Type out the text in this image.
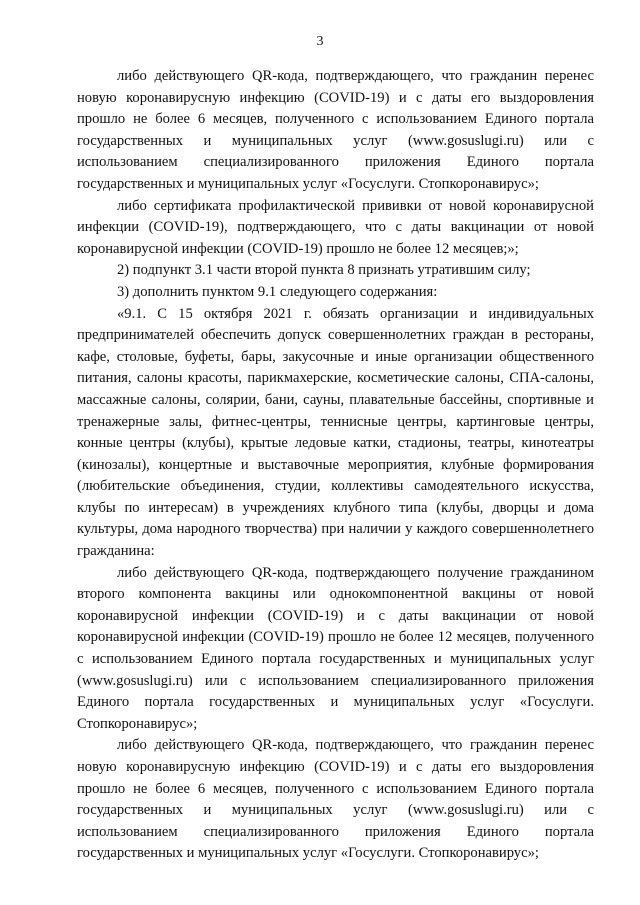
3

либо действующего QR-кода, подтверждающего, что гражданин перенес новую коронавирусную инфекцию (COVID-19) и с даты его выздоровления прошло не более 6 месяцев, полученного с использованием Единого портала государственных и муниципальных услуг (www.gosuslugi.ru) или с использованием специализированного приложения Единого портала государственных и муниципальных услуг «Госуслуги. Стопкоронавирус»;

либо сертификата профилактической прививки от новой коронавирусной инфекции (COVID-19), подтверждающего, что с даты вакцинации от новой коронавирусной инфекции (COVID-19) прошло не более 12 месяцев;»;

2) подпункт 3.1 части второй пункта 8 признать утратившим силу;

3) дополнить пунктом 9.1 следующего содержания:

«9.1. С 15 октября 2021 г. обязать организации и индивидуальных предпринимателей обеспечить допуск совершеннолетних граждан в рестораны, кафе, столовые, буфеты, бары, закусочные и иные организации общественного питания, салоны красоты, парикмахерские, косметические салоны, СПА-салоны, массажные салоны, солярии, бани, сауны, плавательные бассейны, спортивные и тренажерные залы, фитнес-центры, теннисные центры, картинговые центры, конные центры (клубы), крытые ледовые катки, стадионы, театры, кинотеатры (кинозалы), концертные и выставочные мероприятия, клубные формирования (любительские объединения, студии, коллективы самодеятельного искусства, клубы по интересам) в учреждениях клубного типа (клубы, дворцы и дома культуры, дома народного творчества) при наличии у каждого совершеннолетнего гражданина:

либо действующего QR-кода, подтверждающего получение гражданином второго компонента вакцины или однокомпонентной вакцины от новой коронавирусной инфекции (COVID-19) и с даты вакцинации от новой коронавирусной инфекции (COVID-19) прошло не более 12 месяцев, полученного с использованием Единого портала государственных и муниципальных услуг (www.gosuslugi.ru) или с использованием специализированного приложения Единого портала государственных и муниципальных услуг «Госуслуги. Стопкоронавирус»;

либо действующего QR-кода, подтверждающего, что гражданин перенес новую коронавирусную инфекцию (COVID-19) и с даты его выздоровления прошло не более 6 месяцев, полученного с использованием Единого портала государственных и муниципальных услуг (www.gosuslugi.ru) или с использованием специализированного приложения Единого портала государственных и муниципальных услуг «Госуслуги. Стопкоронавирус»;
